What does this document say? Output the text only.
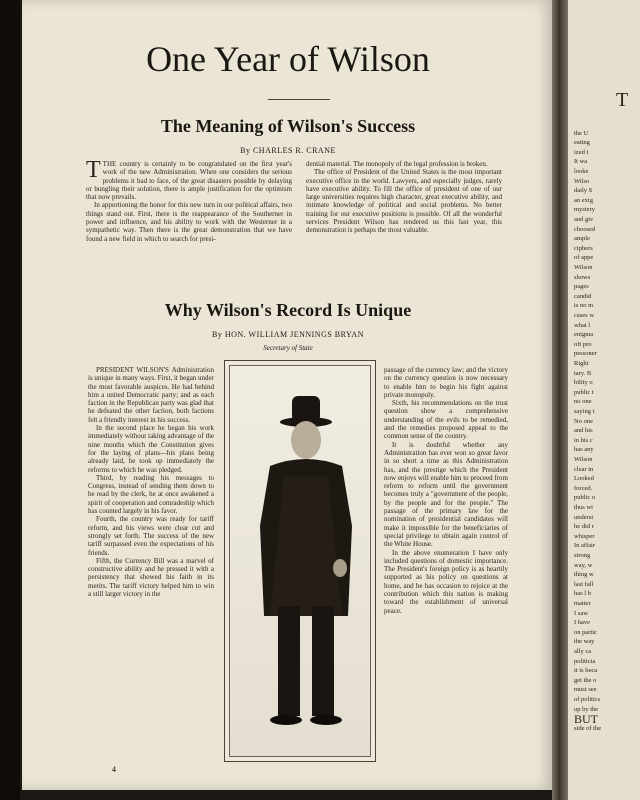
One Year of Wilson
The Meaning of Wilson's Success
By CHARLES R. CRANE

TTHE country is certainly to be congratulated on the first year's work of the new Administration. When one considers the serious problems it had to face, of the great disasters possible by delaying or bungling their solution, there is ample justification for the optimism that now prevails.

In apportioning the honor for this new turn in our political affairs, two things stand out. First, there is the reappearance of the Southerner in power and influence, and his ability to work with the Westerner in a sympathetic way. Then there is the great demonstration that we have found a new field in which to search for presi-

dential material. The monopoly of the legal profession is broken.

The office of President of the United States is the most important executive office in the world. Lawyers, and especially judges, rarely have executive ability. To fill the office of president of one of our large universities requires high character, great executive ability, and intimate knowledge of political and social problems. No better training for our executive positions is possible. Of all the wonderful services President Wilson has rendered us this last year, this demonstration is perhaps the most valuable.

Why Wilson's Record Is Unique
By HON. WILLIAM JENNINGS BRYAN
Secretary of State

PRESIDENT WILSON'S Administration is unique in many ways. First, it began under the most favorable auspices. He had behind him a united Democratic party; and as each faction in the Republican party was glad that he defeated the other faction, both factions felt a friendly interest in his success.

In the second place he began his work immediately without taking advantage of the nine months which the Constitution gives for the laying of plans—his plans being already laid, he took up immediately the reforms to which he was pledged.

Third, by reading his messages to Congress, instead of sending them down to be read by the clerk, he at once awakened a spirit of cooperation and comradeship which has counted largely in his favor.

Fourth, the country was ready for tariff reform, and his views were clear cut and strongly set forth. The success of the new tariff surpassed even the expectations of his friends.

Fifth, the Currency Bill was a marvel of constructive ability and he pressed it with a persistency that showed his faith in its merits. The tariff victory helped him to win a still larger victory in the

passage of the currency law; and the victory on the currency question is now necessary to enable him to begin his fight against private monopoly.

Sixth, his recommendations on the trust question show a comprehensive understanding of the evils to be remedied, and the remedies proposed appeal to the common sense of the country.

It is doubtful whether any Administration has ever won so great favor in so short a time as this Administration has, and the prestige which the President now enjoys will enable him to proceed from reform to reform until the government becomes truly a "government of the people, by the people and for the people." The passage of the primary law for the nomination of presidential candidates will make it impossible for the beneficiaries of special privilege to obtain again control of the White House.

In the above enumeration I have only included questions of domestic importance. The President's foreign policy is as heartily supported as his policy on questions at home, and he has occasion to rejoice at the contribution which this nation is making toward the establishment of universal peace.

4
T
the U
eating
ized t
It wa
looke
Wilso
daily S
an exig
mystery
and giv
choosed
ample
ciphers
of appe
Wilson
shows
pages
candid
is no m
cases w
what l
enigma
oft pro
pessoner
Right
tary. B
bility o
public t
no one
saying t
No one
and his
in his c
has any
Wilson
clear in
Looked
forced.
public o
thus wi
underst
he did r
whisper
In affair
strong
way, w
thing w
last fall
has l b
matter
I saw
I have
on partic
the way
ally ca
politicia
it is beca
get the o
must see
of politics
up by the
BUT
side of the
